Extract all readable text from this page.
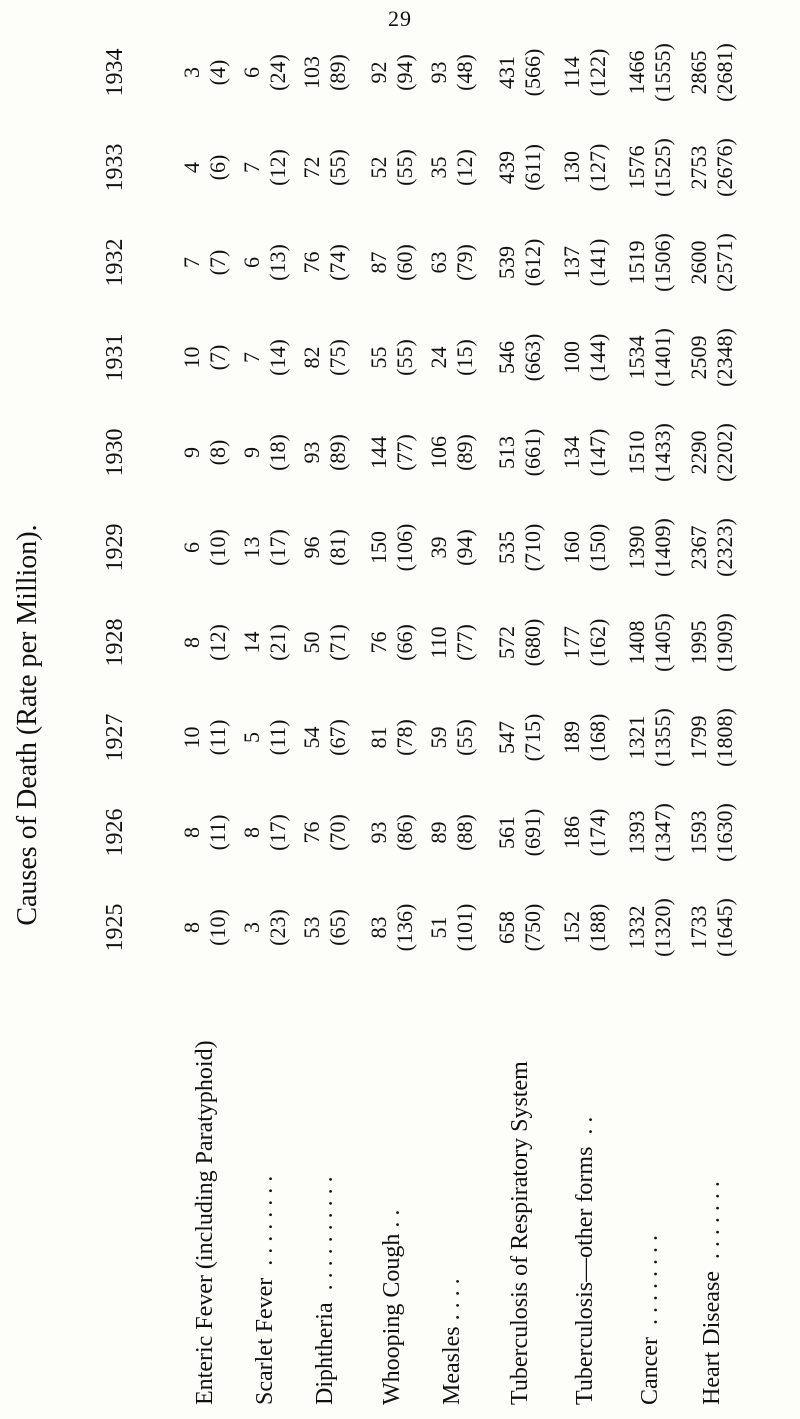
29
Causes of Death (Rate per Million).
Enteric Fever (including Paratyphoid) Scarlet Fever . . . . . . . .
Diphtheria . . . . . . . . . . Whooping Cough . . Measles . . . . Tuberculosis of Respiratory System Tuberculosis—other forms . .
Cancer . . . . . . . . Heart Disease . . . . . . .
1925
1926
1927
1928
1929
1930
1931
1932
1933
1934
8 (10)
8 (11)
10 (11)
8 (12)
6 (10)
9 (8)
10 (7)
7 (7)
4 (6)
3 (4)
3 (23)
8 (17)
5 (11)
14 (21)
13 (17)
9 (18)
7 (14)
6 (13)
7 (12)
6 (24)
53 (65)
76 (70)
54 (67)
50 (71)
96 (81)
93 (89)
82 (75)
76 (74)
72 (55)
103 (89)
83 (136)
93 (86)
81 (78)
76 (66)
150 (106)
144 (77)
55 (55)
87 (60)
52 (55)
92 (94)
51 (101)
89 (88)
59 (55)
110 (77)
39 (94)
106 (89)
24 (15)
63 (79)
35 (12)
93 (48)
658 (750)
561 (691)
547 (715)
572 (680)
535 (710)
513 (661)
546 (663)
539 (612)
439 (611)
431 (566)
152 (188)
186 (174)
189 (168)
177 (162)
160 (150)
134 (147)
100 (144)
137 (141)
130 (127)
114 (122)
1332 (1320)
1393 (1347)
1321 (1355)
1408 (1405)
1390 (1409)
1510 (1433)
1534 (1401)
1519 (1506)
1576 (1525)
1466 (1555)
1733 (1645)
1593 (1630)
1799 (1808)
1995 (1909)
2367 (2323)
2290 (2202)
2509 (2348)
2600 (2571)
2753 (2676)
2865 (2681)
